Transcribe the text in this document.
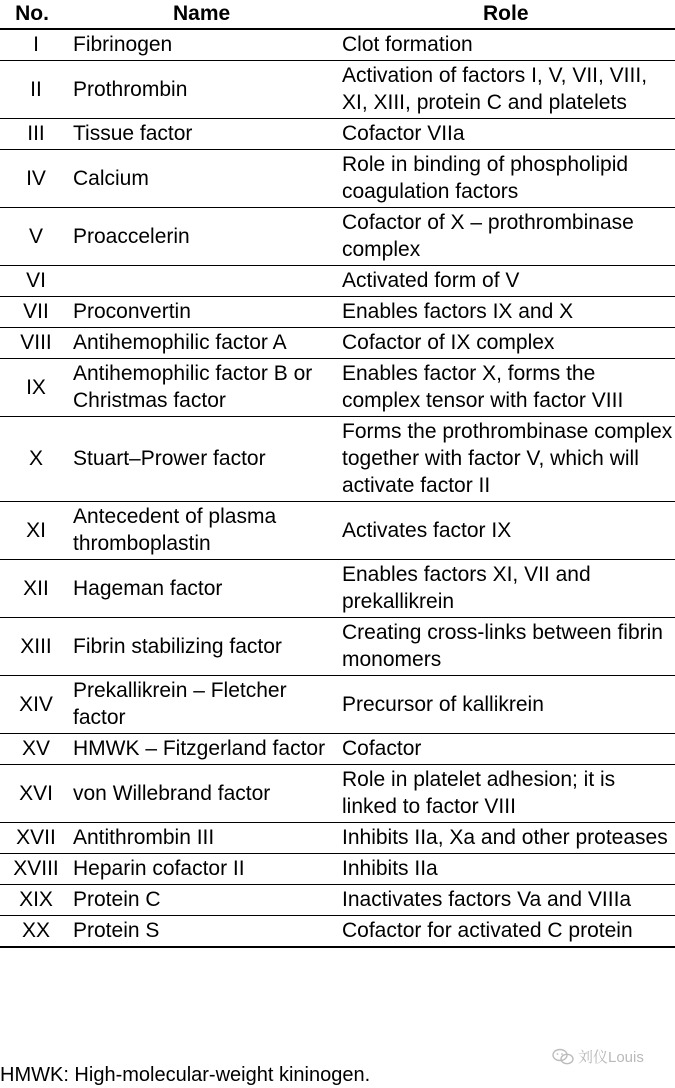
No.	Name	Role
I	Fibrinogen	Clot formation
II	Prothrombin	Activation of factors I, V, VII, VIII, XI, XIII, protein C and platelets
III	Tissue factor	Cofactor VIIa
IV	Calcium	Role in binding of phospholipid coagulation factors
V	Proaccelerin	Cofactor of X – prothrombinase complex
VI		Activated form of V
VII	Proconvertin	Enables factors IX and X
VIII	Antihemophilic factor A	Cofactor of IX complex
IX	Antihemophilic factor B or Christmas factor	Enables factor X, forms the complex tensor with factor VIII
X	Stuart–Prower factor	Forms the prothrombinase complex together with factor V, which will activate factor II
XI	Antecedent of plasma thromboplastin	Activates factor IX
XII	Hageman factor	Enables factors XI, VII and prekallikrein
XIII	Fibrin stabilizing factor	Creating cross-links between fibrin monomers
XIV	Prekallikrein – Fletcher factor	Precursor of kallikrein
XV	HMWK – Fitzgerland factor	Cofactor
XVI	von Willebrand factor	Role in platelet adhesion; it is linked to factor VIII
XVII	Antithrombin III	Inhibits IIa, Xa and other proteases
XVIII	Heparin cofactor II	Inhibits IIa
XIX	Protein C	Inactivates factors Va and VIIIa
XX	Protein S	Cofactor for activated C protein
HMWK: High-molecular-weight kininogen.
刘仪Louis
